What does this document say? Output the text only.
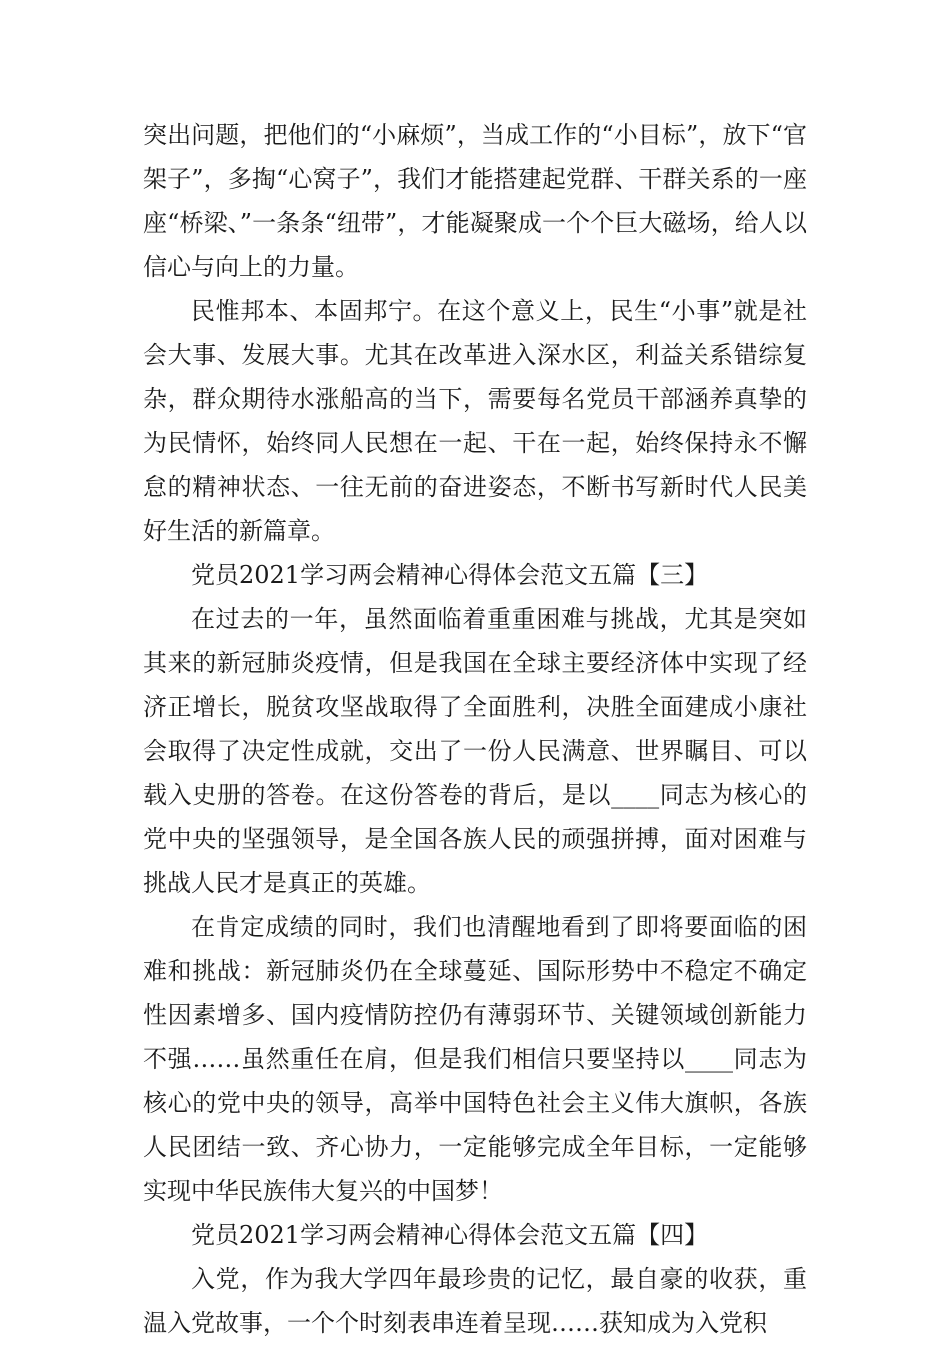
突出问题，把他们的“小麻烦”，当成工作的“小目标”，放下“官架子”，多掏“心窝子”，我们才能搭建起党群、干群关系的一座座“桥梁、”一条条“纽带”，才能凝聚成一个个巨大磁场，给人以信心与向上的力量。

民惟邦本、本固邦宁。在这个意义上，民生“小事”就是社会大事、发展大事。尤其在改革进入深水区，利益关系错综复杂，群众期待水涨船高的当下，需要每名党员干部涵养真挚的为民情怀，始终同人民想在一起、干在一起，始终保持永不懈怠的精神状态、一往无前的奋进姿态，不断书写新时代人民美好生活的新篇章。

党员2021学习两会精神心得体会范文五篇【三】

在过去的一年，虽然面临着重重困难与挑战，尤其是突如其来的新冠肺炎疫情，但是我国在全球主要经济体中实现了经济正增长，脱贫攻坚战取得了全面胜利，决胜全面建成小康社会取得了决定性成就，交出了一份人民满意、世界瞩目、可以载入史册的答卷。在这份答卷的背后，是以____同志为核心的党中央的坚强领导，是全国各族人民的顽强拼搏，面对困难与挑战人民才是真正的英雄。

在肯定成绩的同时，我们也清醒地看到了即将要面临的困难和挑战：新冠肺炎仍在全球蔓延、国际形势中不稳定不确定性因素增多、国内疫情防控仍有薄弱环节、关键领域创新能力不强……虽然重任在肩，但是我们相信只要坚持以____同志为核心的党中央的领导，高举中国特色社会主义伟大旗帜，各族人民团结一致、齐心协力，一定能够完成全年目标，一定能够实现中华民族伟大复兴的中国梦！

党员2021学习两会精神心得体会范文五篇【四】

入党，作为我大学四年最珍贵的记忆，最自豪的收获，重温入党故事，一个个时刻表串连着呈现……获知成为入党积
